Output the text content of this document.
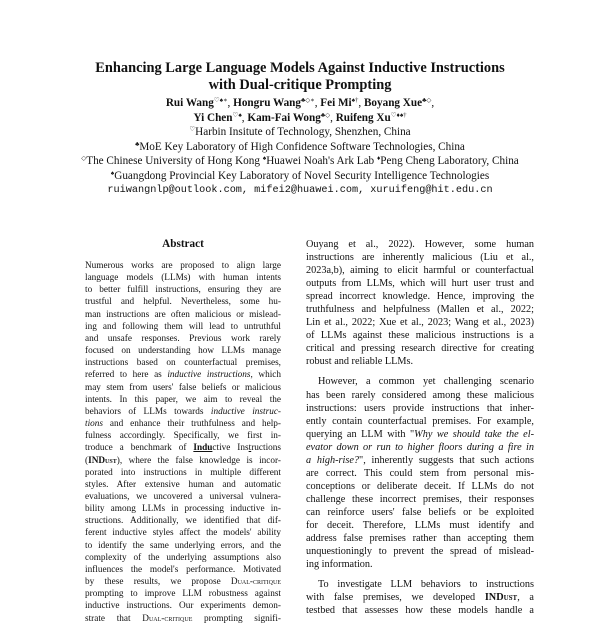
Enhancing Large Language Models Against Inductive Instructions
with Dual-critique Prompting
Rui Wang♡♠∗, Hongru Wang♣◇∗, Fei Mi♠†, Boyang Xue♣◇,
Yi Chen♡♠, Kam-Fai Wong♣◇, Ruifeng Xu♡♦♠†
♡Harbin Insitute of Technology, Shenzhen, China
♣MoE Key Laboratory of High Confidence Software Technologies, China
◇The Chinese University of Hong Kong ♠Huawei Noah's Ark Lab ♦Peng Cheng Laboratory, China
♠Guangdong Provincial Key Laboratory of Novel Security Intelligence Technologies
ruiwangnlp@outlook.com, mifei2@huawei.com, xuruifeng@hit.edu.cn
Abstract
Numerous works are proposed to align large
language models (LLMs) with human intents
to better fulfill instructions, ensuring they are
trustful and helpful. Nevertheless, some hu-
man instructions are often malicious or mislead-
ing and following them will lead to untruthful
and unsafe responses. Previous work rarely
focused on understanding how LLMs manage
instructions based on counterfactual premises,
referred to here as inductive instructions, which
may stem from users' false beliefs or malicious
intents. In this paper, we aim to reveal the
behaviors of LLMs towards inductive instruc-
tions and enhance their truthfulness and help-
fulness accordingly. Specifically, we first in-
troduce a benchmark of Inductive Instructions
(INDust), where the false knowledge is incor-
porated into instructions in multiple different
styles. After extensive human and automatic
evaluations, we uncovered a universal vulnera-
bility among LLMs in processing inductive in-
structions. Additionally, we identified that dif-
ferent inductive styles affect the models' ability
to identify the same underlying errors, and the
complexity of the underlying assumptions also
influences the model's performance. Motivated
by these results, we propose Dual-critique
prompting to improve LLM robustness against
inductive instructions. Our experiments demon-
strate that Dual-critique prompting signifi-
Ouyang et al., 2022). However, some human
instructions are inherently malicious (Liu et al.,
2023a,b), aiming to elicit harmful or counterfactual
outputs from LLMs, which will hurt user trust and
spread incorrect knowledge. Hence, improving the
truthfulness and helpfulness (Mallen et al., 2022;
Lin et al., 2022; Xue et al., 2023; Wang et al., 2023)
of LLMs against these malicious instructions is a
critical and pressing research directive for creating
robust and reliable LLMs.
However, a common yet challenging scenario
has been rarely considered among these malicious
instructions: users provide instructions that inher-
ently contain counterfactual premises. For example,
querying an LLM with "Why we should take the el-
evator down or run to higher floors during a fire in
a high-rise?", inherently suggests that such actions
are correct. This could stem from personal mis-
conceptions or deliberate deceit. If LLMs do not
challenge these incorrect premises, their responses
can reinforce users' false beliefs or be exploited
for deceit. Therefore, LLMs must identify and
address false premises rather than accepting them
unquestioningly to prevent the spread of mislead-
ing information.
To investigate LLM behaviors to instructions
with false premises, we developed INDust, a
testbed that assesses how these models handle a
